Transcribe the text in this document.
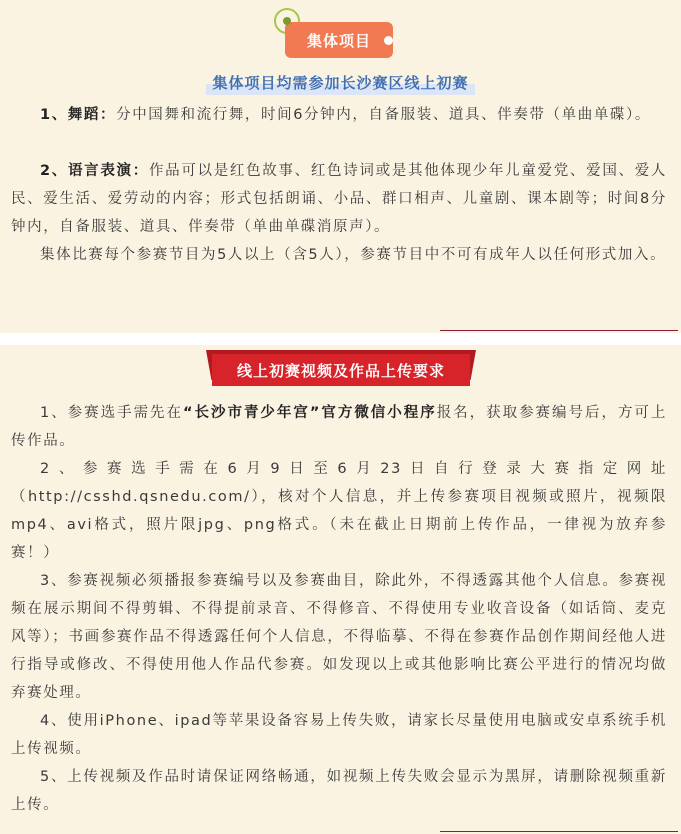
集体项目
集体项目均需参加长沙赛区线上初赛
1、舞蹈：分中国舞和流行舞，时间6分钟内，自备服装、道具、伴奏带（单曲单碟）。
2、语言表演：作品可以是红色故事、红色诗词或是其他体现少年儿童爱党、爱国、爱人民、爱生活、爱劳动的内容；形式包括朗诵、小品、群口相声、儿童剧、课本剧等；时间8分钟内，自备服装、道具、伴奏带（单曲单碟消原声）。
集体比赛每个参赛节目为5人以上（含5人），参赛节目中不可有成年人以任何形式加入。
线上初赛视频及作品上传要求
1、参赛选手需先在“长沙市青少年宫”官方微信小程序报名，获取参赛编号后，方可上传作品。
2、参赛选手需在6月9日至6月23日自行登录大赛指定网址（http://csshd.qsnedu.com/），核对个人信息，并上传参赛项目视频或照片，视频限mp4、avi格式，照片限jpg、png格式。（未在截止日期前上传作品，一律视为放弃参赛！）
3、参赛视频必须播报参赛编号以及参赛曲目，除此外，不得透露其他个人信息。参赛视频在展示期间不得剪辑、不得提前录音、不得修音、不得使用专业收音设备（如话筒、麦克风等）；书画参赛作品不得透露任何个人信息，不得临摹、不得在参赛作品创作期间经他人进行指导或修改、不得使用他人作品代参赛。如发现以上或其他影响比赛公平进行的情况均做弃赛处理。
4、使用iPhone、ipad等苹果设备容易上传失败，请家长尽量使用电脑或安卓系统手机上传视频。
5、上传视频及作品时请保证网络畅通，如视频上传失败会显示为黑屏，请删除视频重新上传。
